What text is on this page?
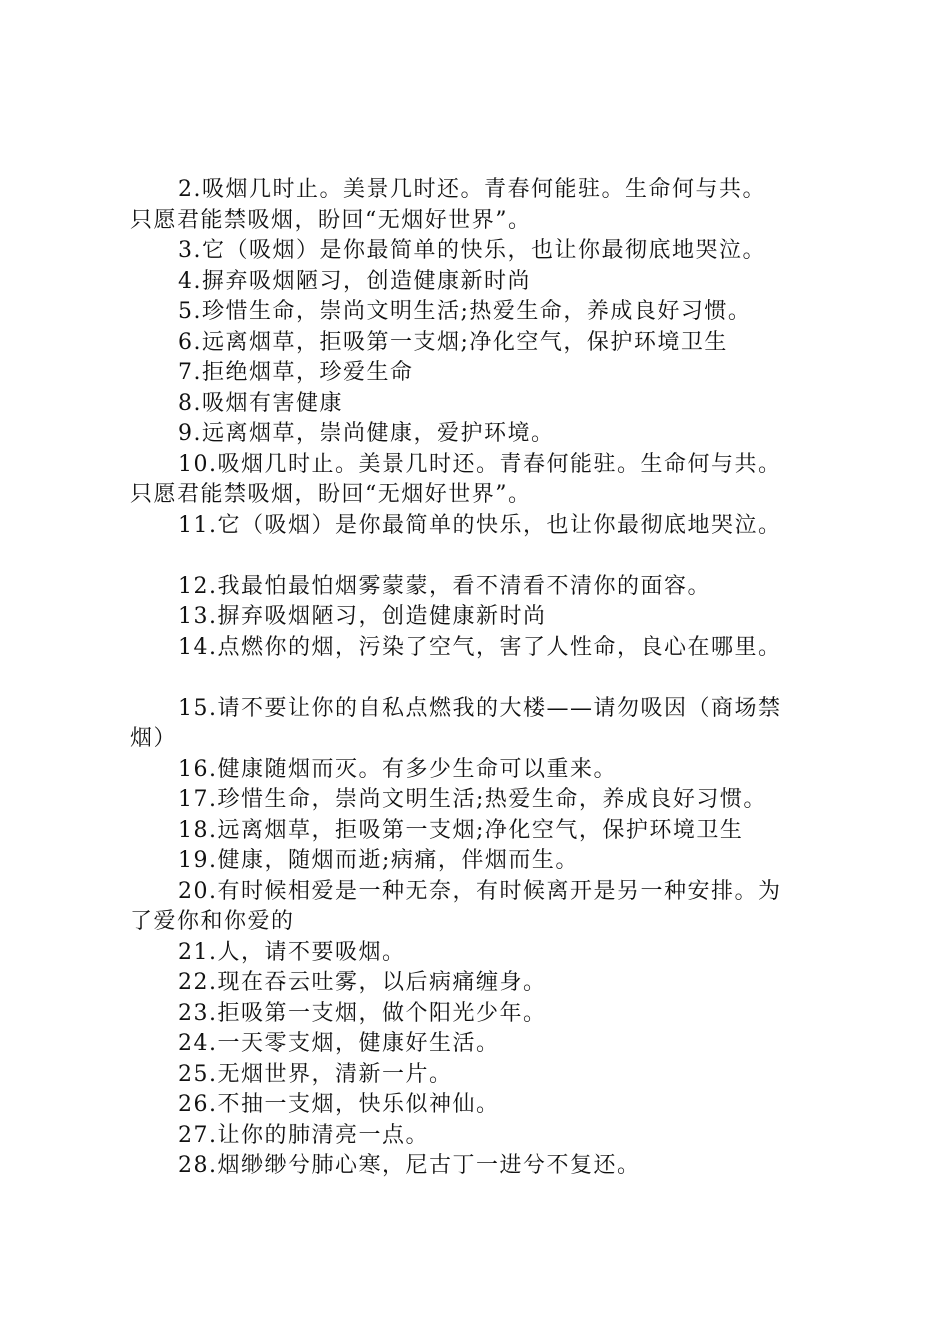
2.吸烟几时止。美景几时还。青春何能驻。生命何与共。
只愿君能禁吸烟，盼回“无烟好世界”。
3.它（吸烟）是你最简单的快乐，也让你最彻底地哭泣。
4.摒弃吸烟陋习，创造健康新时尚
5.珍惜生命，崇尚文明生活;热爱生命，养成良好习惯。
6.远离烟草，拒吸第一支烟;净化空气，保护环境卫生
7.拒绝烟草，珍爱生命
8.吸烟有害健康
9.远离烟草，崇尚健康，爱护环境。
10.吸烟几时止。美景几时还。青春何能驻。生命何与共。
只愿君能禁吸烟，盼回“无烟好世界”。
11.它（吸烟）是你最简单的快乐，也让你最彻底地哭泣。
12.我最怕最怕烟雾蒙蒙，看不清看不清你的面容。
13.摒弃吸烟陋习，创造健康新时尚
14.点燃你的烟，污染了空气，害了人性命，良心在哪里。
15.请不要让你的自私点燃我的大楼——请勿吸因（商场禁
烟）
16.健康随烟而灭。有多少生命可以重来。
17.珍惜生命，崇尚文明生活;热爱生命，养成良好习惯。
18.远离烟草，拒吸第一支烟;净化空气，保护环境卫生
19.健康，随烟而逝;病痛，伴烟而生。
20.有时候相爱是一种无奈，有时候离开是另一种安排。为
了爱你和你爱的
21.人，请不要吸烟。
22.现在吞云吐雾，以后病痛缠身。
23.拒吸第一支烟，做个阳光少年。
24.一天零支烟，健康好生活。
25.无烟世界，清新一片。
26.不抽一支烟，快乐似神仙。
27.让你的肺清亮一点。
28.烟缈缈兮肺心寒，尼古丁一进兮不复还。
